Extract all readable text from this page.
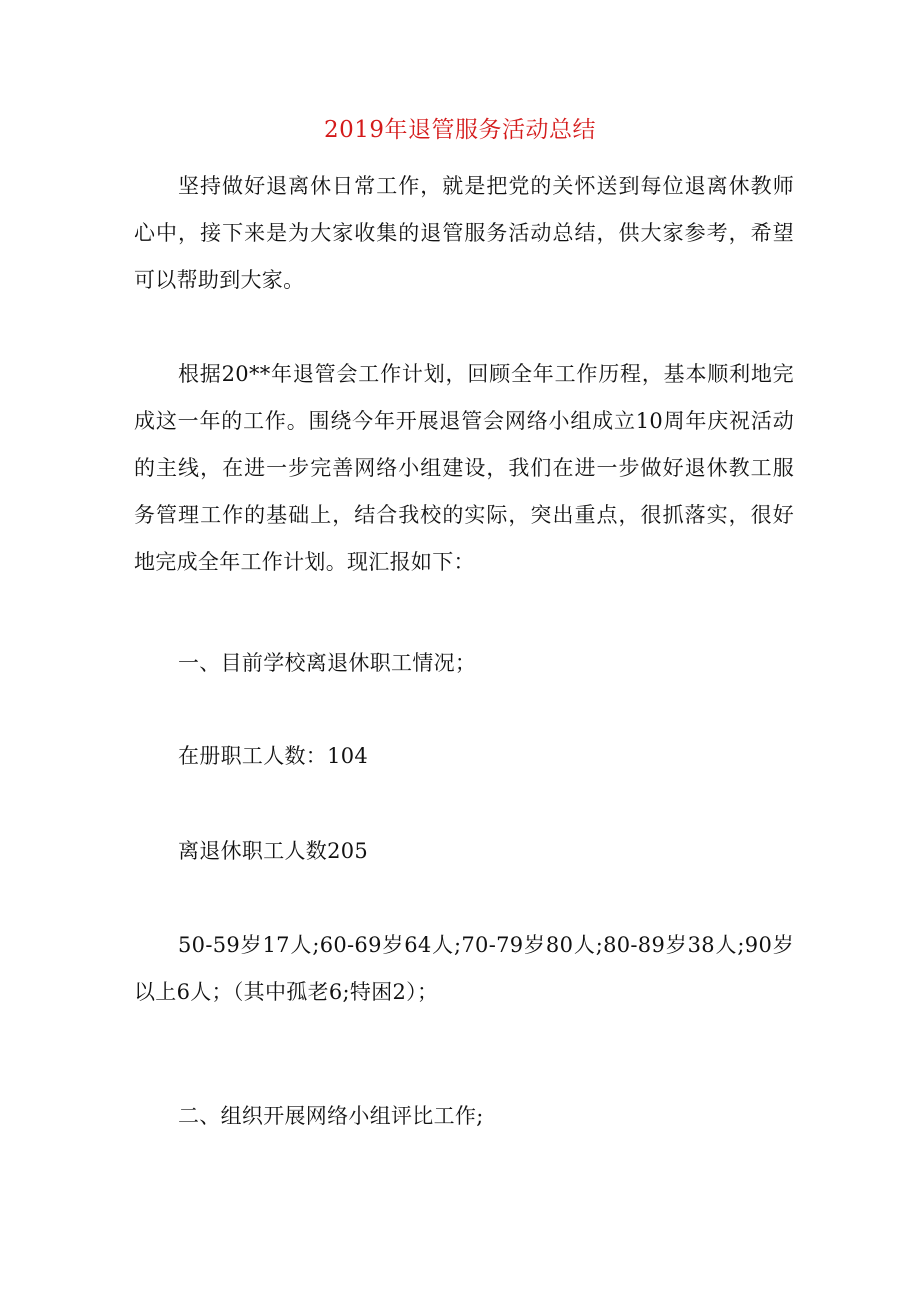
2019年退管服务活动总结

坚持做好退离休日常工作，就是把党的关怀送到每位退离休教师心中，接下来是为大家收集的退管服务活动总结，供大家参考，希望可以帮助到大家。

根据20**年退管会工作计划，回顾全年工作历程，基本顺利地完成这一年的工作。围绕今年开展退管会网络小组成立10周年庆祝活动的主线，在进一步完善网络小组建设，我们在进一步做好退休教工服务管理工作的基础上，结合我校的实际，突出重点，很抓落实，很好地完成全年工作计划。现汇报如下：

一、目前学校离退休职工情况；
在册职工人数：104
离退休职工人数205

50-59岁17人;60-69岁64人;70-79岁80人;80-89岁38人;90岁以上6人；（其中孤老6;特困2）；

二、组织开展网络小组评比工作;
